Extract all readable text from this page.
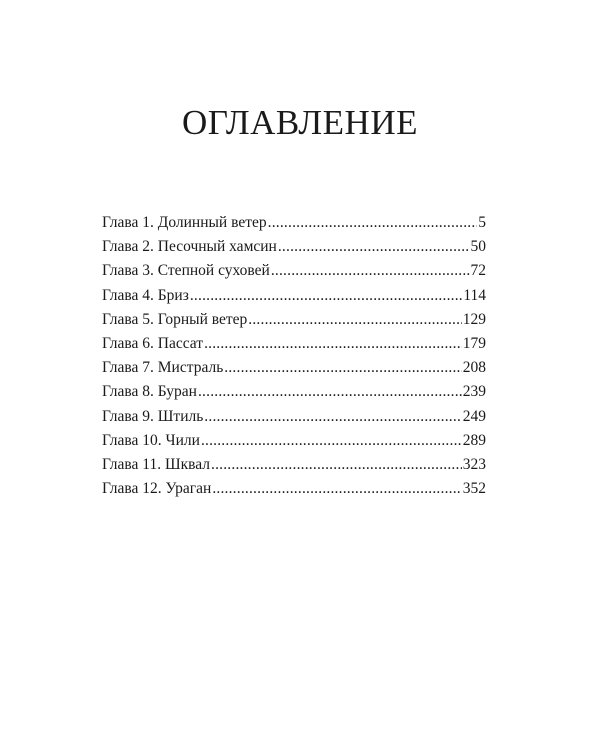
ОГЛАВЛЕНИЕ
Глава 1. Долинный ветер .....	5
Глава 2. Песочный хамсин .....	50
Глава 3. Степной суховей .....	72
Глава 4. Бриз .....	114
Глава 5. Горный ветер .....	129
Глава 6. Пассат .....	179
Глава 7. Мистраль .....	208
Глава 8. Буран .....	239
Глава 9. Штиль .....	249
Глава 10. Чили .....	289
Глава 11. Шквал .....	323
Глава 12. Ураган .....	352
